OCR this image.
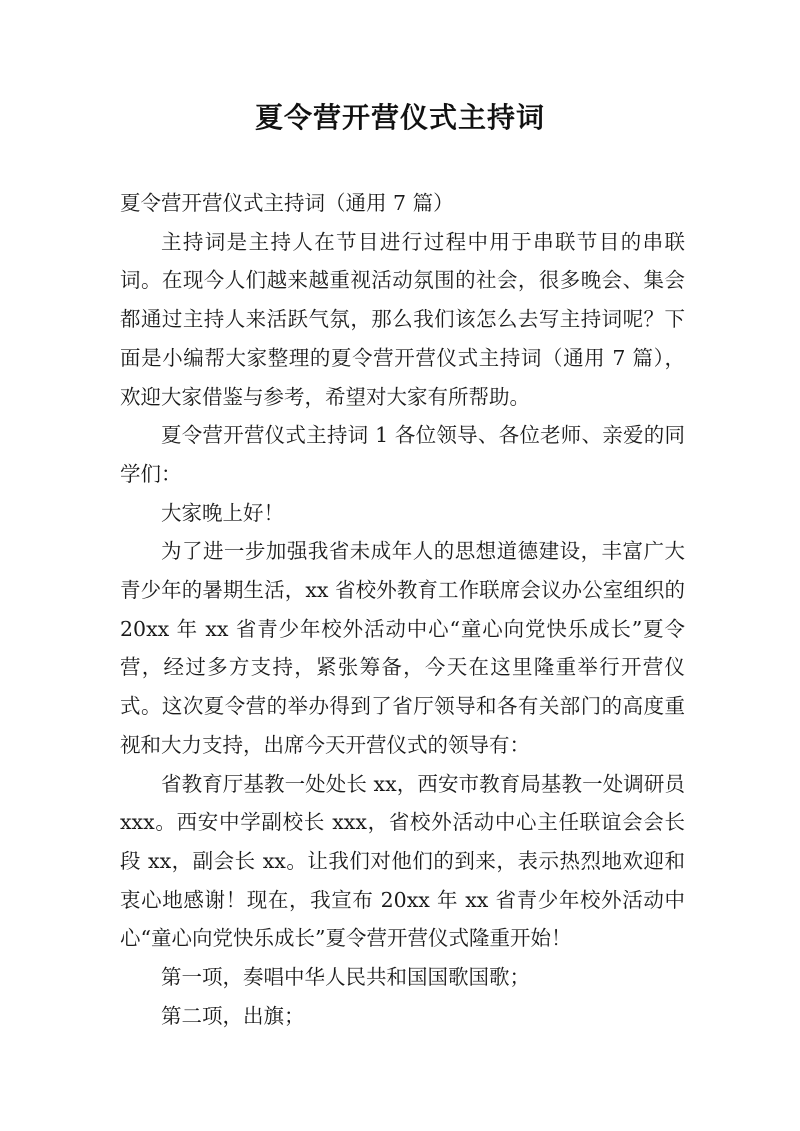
夏令营开营仪式主持词

夏令营开营仪式主持词（通用 7 篇）

主持词是主持人在节目进行过程中用于串联节目的串联词。在现今人们越来越重视活动氛围的社会，很多晚会、集会都通过主持人来活跃气氛，那么我们该怎么去写主持词呢？下面是小编帮大家整理的夏令营开营仪式主持词（通用 7 篇），欢迎大家借鉴与参考，希望对大家有所帮助。

夏令营开营仪式主持词 1 各位领导、各位老师、亲爱的同学们：

大家晚上好！

为了进一步加强我省未成年人的思想道德建设，丰富广大青少年的暑期生活，xx 省校外教育工作联席会议办公室组织的 20xx 年 xx 省青少年校外活动中心“童心向党快乐成长”夏令营，经过多方支持，紧张筹备，今天在这里隆重举行开营仪式。这次夏令营的举办得到了省厅领导和各有关部门的高度重视和大力支持，出席今天开营仪式的领导有：

省教育厅基教一处处长 xx，西安市教育局基教一处调研员 xxx。西安中学副校长 xxx，省校外活动中心主任联谊会会长段 xx，副会长 xx。让我们对他们的到来，表示热烈地欢迎和衷心地感谢！现在，我宣布 20xx 年 xx 省青少年校外活动中心“童心向党快乐成长”夏令营开营仪式隆重开始！

第一项，奏唱中华人民共和国国歌国歌；

第二项，出旗；
